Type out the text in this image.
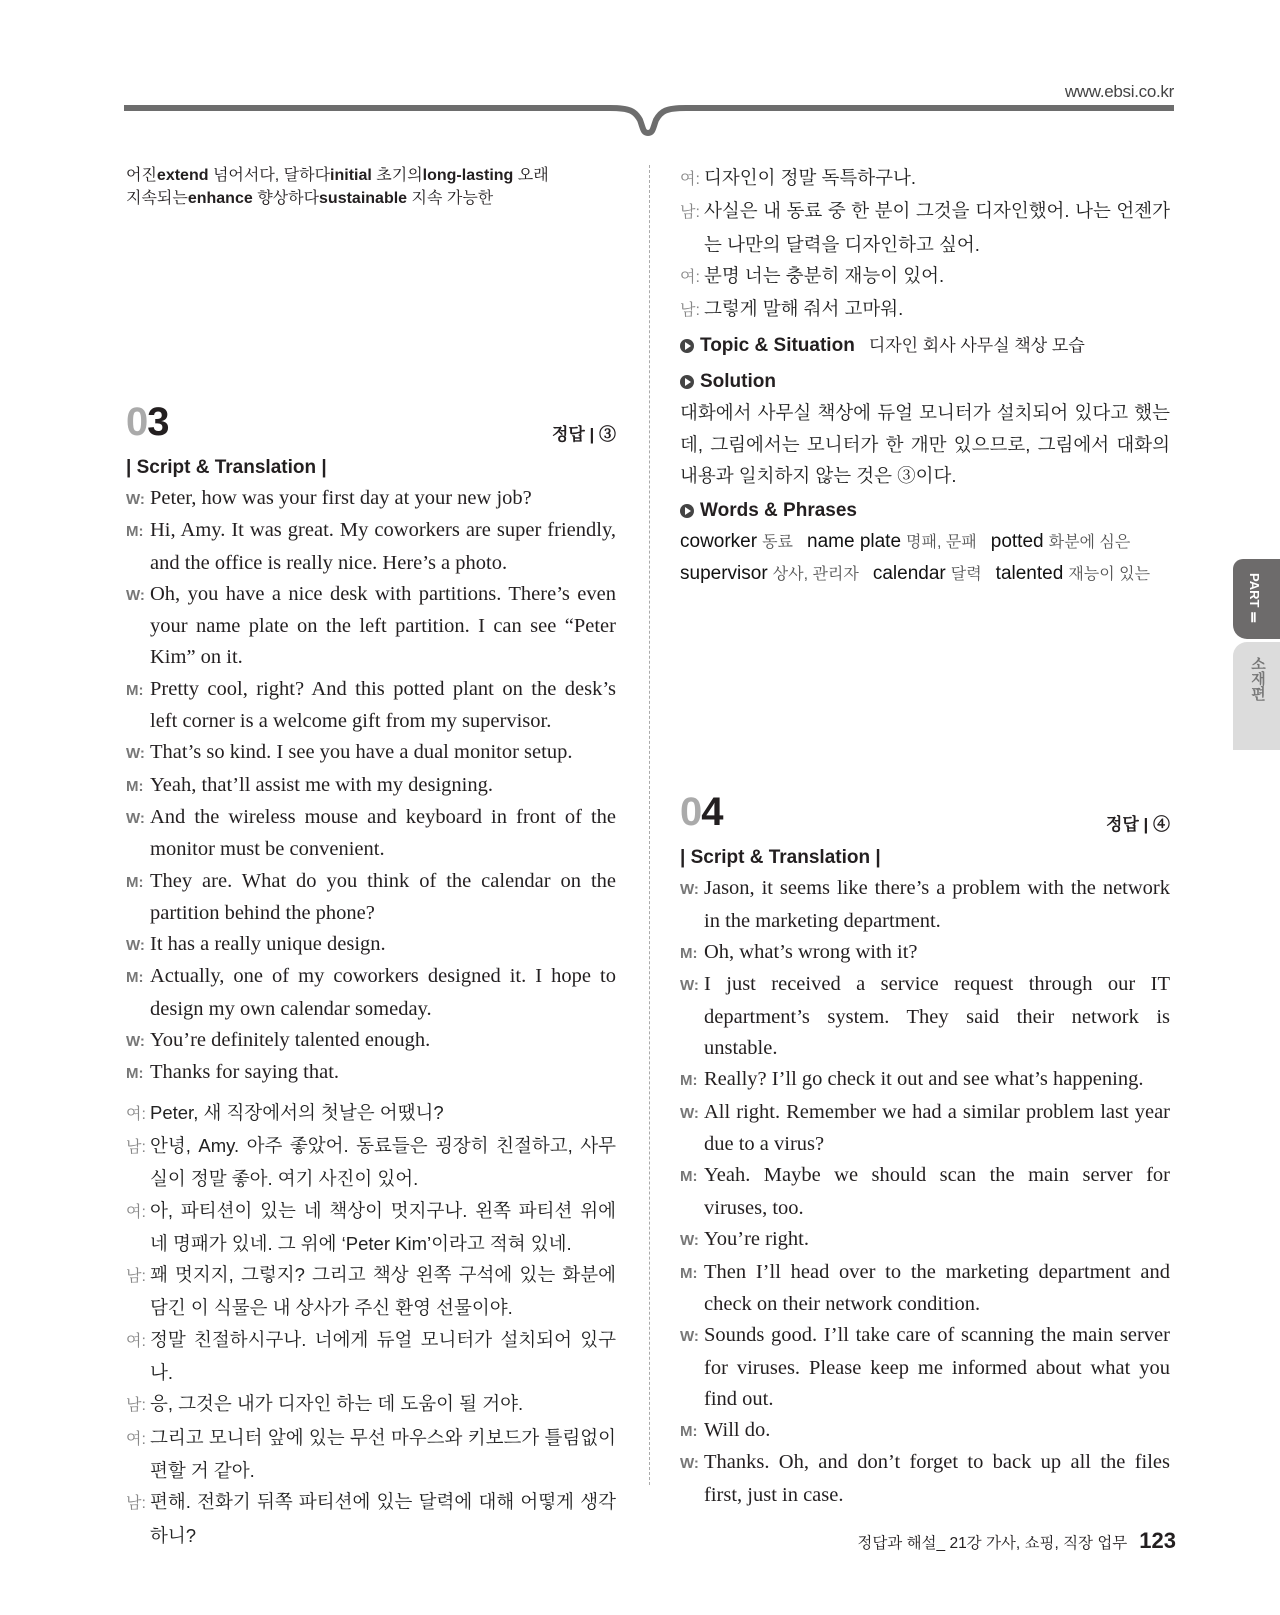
www.ebsi.co.kr
어진extend 넘어서다, 달하다initial 초기의long-lasting 오래
지속되는enhance 향상하다sustainable 지속 가능한
03	정답 | ③
| Script & Translation |
W: Peter, how was your first day at your new job?
M: Hi, Amy. It was great. My coworkers are super friendly, and the office is really nice. Here’s a photo.
W: Oh, you have a nice desk with partitions. There’s even your name plate on the left partition. I can see “Peter Kim” on it.
M: Pretty cool, right? And this potted plant on the desk’s left corner is a welcome gift from my supervisor.
W: That’s so kind. I see you have a dual monitor setup.
M: Yeah, that’ll assist me with my designing.
W: And the wireless mouse and keyboard in front of the monitor must be convenient.
M: They are. What do you think of the calendar on the partition behind the phone?
W: It has a really unique design.
M: Actually, one of my coworkers designed it. I hope to design my own calendar someday.
W: You’re definitely talented enough.
M: Thanks for saying that.
여: Peter, 새 직장에서의 첫날은 어땠니?
남: 안녕, Amy. 아주 좋았어. 동료들은 굉장히 친절하고, 사무실이 정말 좋아. 여기 사진이 있어.
여: 아, 파티션이 있는 네 책상이 멋지구나. 왼쪽 파티션 위에 네 명패가 있네. 그 위에 ‘Peter Kim’이라고 적혀 있네.
남: 꽤 멋지지, 그렇지? 그리고 책상 왼쪽 구석에 있는 화분에 담긴 이 식물은 내 상사가 주신 환영 선물이야.
여: 정말 친절하시구나. 너에게 듀얼 모니터가 설치되어 있구나.
남: 응, 그것은 내가 디자인 하는 데 도움이 될 거야.
여: 그리고 모니터 앞에 있는 무선 마우스와 키보드가 틀림없이 편할 거 같아.
남: 편해. 전화기 뒤쪽 파티션에 있는 달력에 대해 어떻게 생각하니?
여: 디자인이 정말 독특하구나.
남: 사실은 내 동료 중 한 분이 그것을 디자인했어. 나는 언젠가는 나만의 달력을 디자인하고 싶어.
여: 분명 너는 충분히 재능이 있어.
남: 그렇게 말해 줘서 고마워.
Topic & Situation 디자인 회사 사무실 책상 모습
Solution
대화에서 사무실 책상에 듀얼 모니터가 설치되어 있다고 했는데, 그림에서는 모니터가 한 개만 있으므로, 그림에서 대화의 내용과 일치하지 않는 것은 ③이다.
Words & Phrases
coworker 동료 name plate 명패, 문패 potted 화분에 심은
supervisor 상사, 관리자 calendar 달력 talented 재능이 있는
04	정답 | ④
| Script & Translation |
W: Jason, it seems like there’s a problem with the network in the marketing department.
M: Oh, what’s wrong with it?
W: I just received a service request through our IT department’s system. They said their network is unstable.
M: Really? I’ll go check it out and see what’s happening.
W: All right. Remember we had a similar problem last year due to a virus?
M: Yeah. Maybe we should scan the main server for viruses, too.
W: You’re right.
M: Then I’ll head over to the marketing department and check on their network condition.
W: Sounds good. I’ll take care of scanning the main server for viruses. Please keep me informed about what you find out.
M: Will do.
W: Thanks. Oh, and don’t forget to back up all the files first, just in case.
PART Ⅱ
소재편
정답과 해설_ 21강 가사, 쇼핑, 직장 업무 123
